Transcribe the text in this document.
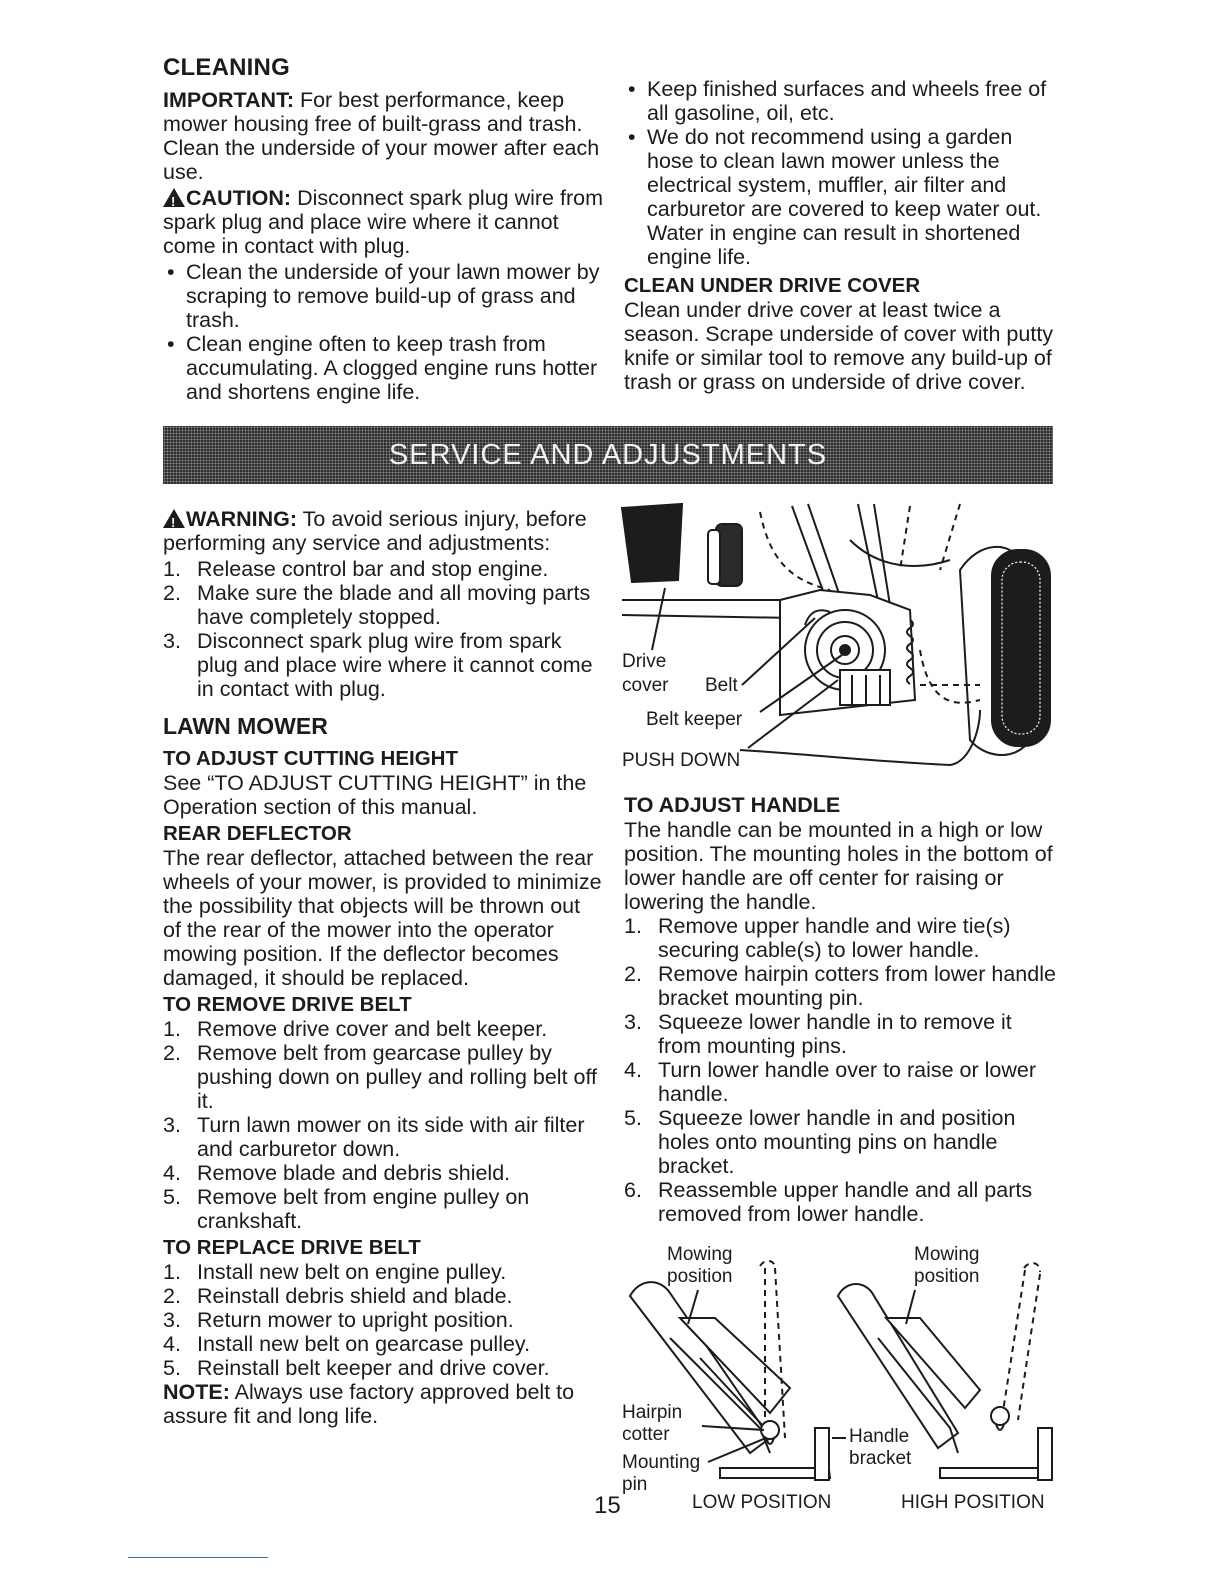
CLEANING

IMPORTANT: For best performance, keep mower housing free of built-grass and trash. Clean the underside of your mower after each use.

!CAUTION: Disconnect spark plug wire from spark plug and place wire where it cannot come in contact with plug.

• Clean the underside of your lawn mower by scraping to remove build-up of grass and trash.
• Clean engine often to keep trash from accumulating. A clogged engine runs hotter and shortens engine life.
• Keep finished surfaces and wheels free of all gasoline, oil, etc.
• We do not recommend using a garden hose to clean lawn mower unless the electrical system, muffler, air filter and carburetor are covered to keep water out. Water in engine can result in shortened engine life.
CLEAN UNDER DRIVE COVER

Clean under drive cover at least twice a season. Scrape underside of cover with putty knife or similar tool to remove any build-up of trash or grass on underside of drive cover.

SERVICE AND ADJUSTMENTS

!WARNING: To avoid serious injury, before performing any service and adjustments:

1. Release control bar and stop engine.
2. Make sure the blade and all moving parts have completely stopped.
3. Disconnect spark plug wire from spark plug and place wire where it cannot come in contact with plug.
LAWN MOWER
TO ADJUST CUTTING HEIGHT

See “TO ADJUST CUTTING HEIGHT” in the Operation section of this manual.

REAR DEFLECTOR

The rear deflector, attached between the rear wheels of your mower, is provided to minimize the possibility that objects will be thrown out of the rear of the mower into the operator mowing position. If the deflector becomes damaged, it should be replaced.

TO REMOVE DRIVE BELT
1. Remove drive cover and belt keeper.
2. Remove belt from gearcase pulley by pushing down on pulley and rolling belt off it.
3. Turn lawn mower on its side with air filter and carburetor down.
4. Remove blade and debris shield.
5. Remove belt from engine pulley on crankshaft.
TO REPLACE DRIVE BELT
1. Install new belt on engine pulley.
2. Reinstall debris shield and blade.
3. Return mower to upright position.
4. Install new belt on gearcase pulley.
5. Reinstall belt keeper and drive cover.

NOTE: Always use factory approved belt to assure fit and long life.

Drive
cover Belt
Belt keeper
PUSH DOWN
TO ADJUST HANDLE

The handle can be mounted in a high or low position. The mounting holes in the bottom of lower handle are off center for raising or lowering the handle.

1. Remove upper handle and wire tie(s) securing cable(s) to lower handle.
2. Remove hairpin cotters from lower handle bracket mounting pin.
3. Squeeze lower handle in to remove it from mounting pins.
4. Turn lower handle over to raise or lower handle.
5. Squeeze lower handle in and position holes onto mounting pins on handle bracket.
6. Reassemble upper handle and all parts removed from lower handle.
Mowing
position
Mowing
position
Hairpin
cotter
Mounting
pin
Handle
bracket
LOW POSITION	HIGH POSITION
15
